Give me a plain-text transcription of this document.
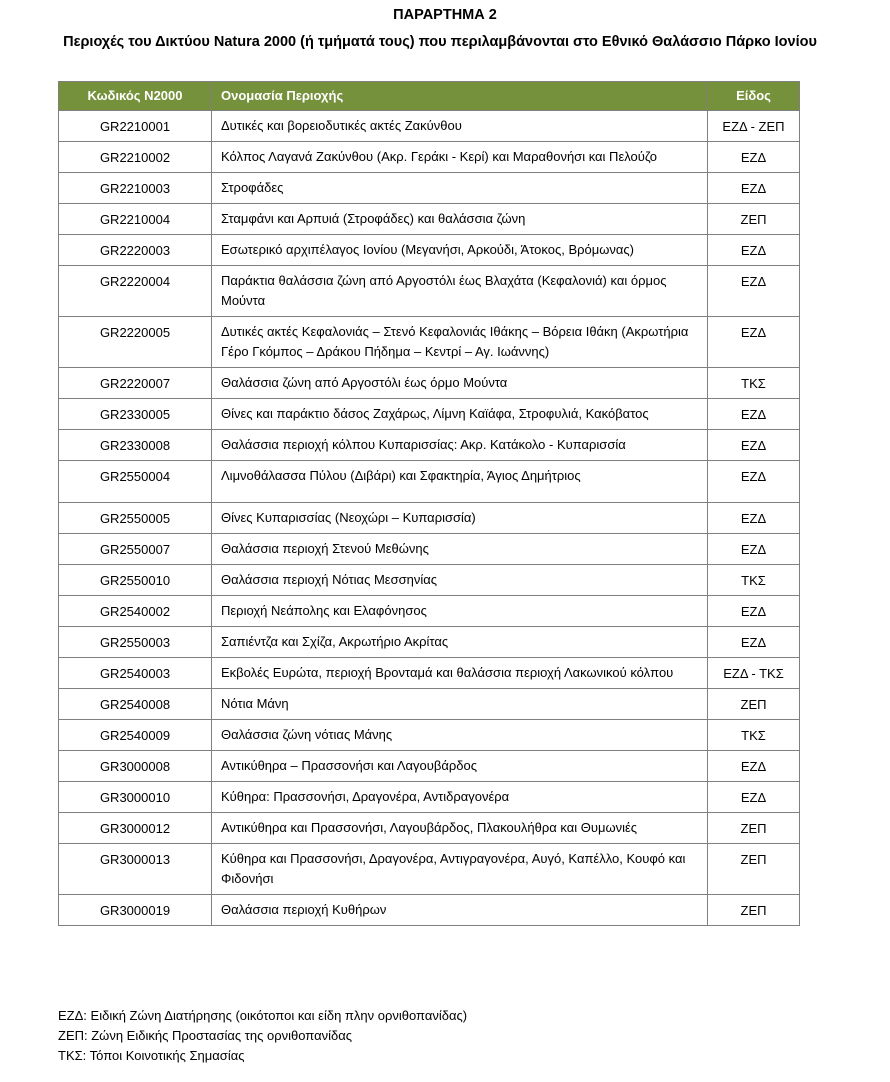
ΠΑΡΑΡΤΗΜΑ 2
Περιοχές του Δικτύου Natura 2000 (ή τμήματά τους) που περιλαμβάνονται στο Εθνικό Θαλάσσιο Πάρκο Ιονίου
Κωδικός Ν2000	Ονομασία Περιοχής	Είδος
GR2210001	Δυτικές και βορειοδυτικές ακτές Ζακύνθου	ΕΖΔ - ΖΕΠ
GR2210002	Κόλπος Λαγανά Ζακύνθου (Ακρ. Γεράκι - Κερί) και Μαραθονήσι και Πελούζο	ΕΖΔ
GR2210003	Στροφάδες	ΕΖΔ
GR2210004	Σταμφάνι και Αρπυιά (Στροφάδες) και θαλάσσια ζώνη	ΖΕΠ
GR2220003	Εσωτερικό αρχιπέλαγος Ιονίου (Μεγανήσι, Αρκούδι, Άτοκος, Βρόμωνας)	ΕΖΔ
GR2220004	Παράκτια θαλάσσια ζώνη από Αργοστόλι έως Βλαχάτα (Κεφαλονιά) και όρμος Μούντα	ΕΖΔ
GR2220005	Δυτικές ακτές Κεφαλονιάς – Στενό Κεφαλονιάς Ιθάκης – Βόρεια Ιθάκη (Ακρωτήρια Γέρο Γκόμπος – Δράκου Πήδημα – Κεντρί – Αγ. Ιωάννης)	ΕΖΔ
GR2220007	Θαλάσσια ζώνη από Αργοστόλι έως όρμο Μούντα	ΤΚΣ
GR2330005	Θίνες και παράκτιο δάσος Ζαχάρως, Λίμνη Καϊάφα, Στροφυλιά, Κακόβατος	ΕΖΔ
GR2330008	Θαλάσσια περιοχή κόλπου Κυπαρισσίας: Ακρ. Κατάκολο - Κυπαρισσία	ΕΖΔ
GR2550004	Λιμνοθάλασσα Πύλου (Διβάρι) και Σφακτηρία, Άγιος Δημήτριος	ΕΖΔ
GR2550005	Θίνες Κυπαρισσίας (Νεοχώρι – Κυπαρισσία)	ΕΖΔ
GR2550007	Θαλάσσια περιοχή Στενού Μεθώνης	ΕΖΔ
GR2550010	Θαλάσσια περιοχή Νότιας Μεσσηνίας	ΤΚΣ
GR2540002	Περιοχή Νεάπολης και Ελαφόνησος	ΕΖΔ
GR2550003	Σαπιέντζα και Σχίζα, Ακρωτήριο Ακρίτας	ΕΖΔ
GR2540003	Εκβολές Ευρώτα, περιοχή Βρονταμά και θαλάσσια περιοχή Λακωνικού κόλπου	ΕΖΔ - ΤΚΣ
GR2540008	Νότια Μάνη	ΖΕΠ
GR2540009	Θαλάσσια ζώνη νότιας Μάνης	ΤΚΣ
GR3000008	Αντικύθηρα – Πρασσονήσι και Λαγουβάρδος	ΕΖΔ
GR3000010	Κύθηρα: Πρασσονήσι, Δραγονέρα, Αντιδραγονέρα	ΕΖΔ
GR3000012	Αντικύθηρα και Πρασσονήσι, Λαγουβάρδος, Πλακουλήθρα και Θυμωνιές	ΖΕΠ
GR3000013	Κύθηρα και Πρασσονήσι, Δραγονέρα, Αντιγραγονέρα, Αυγό, Καπέλλο, Κουφό και Φιδονήσι	ΖΕΠ
GR3000019	Θαλάσσια περιοχή Κυθήρων	ΖΕΠ
ΕΖΔ: Ειδική Ζώνη Διατήρησης (οικότοποι και είδη πλην ορνιθοπανίδας)
ΖΕΠ: Ζώνη Ειδικής Προστασίας της ορνιθοπανίδας
ΤΚΣ: Τόποι Κοινοτικής Σημασίας
